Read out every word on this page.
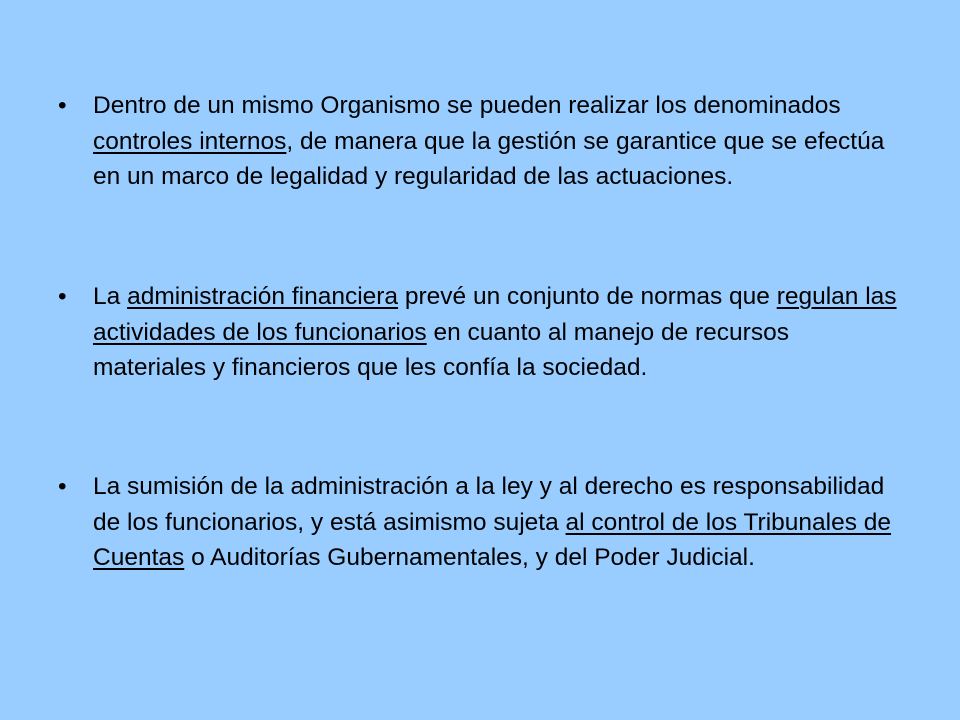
•	Dentro de un mismo Organismo se pueden realizar los denominados controles internos, de manera que la gestión se garantice que se efectúa en un marco de legalidad y regularidad de las actuaciones.
•	La administración financiera prevé un conjunto de normas que regulan las actividades de los funcionarios en cuanto al manejo de recursos materiales y financieros que les confía la sociedad.
•	La sumisión de la administración a la ley y al derecho es responsabilidad de los funcionarios, y está asimismo sujeta al control de los Tribunales de Cuentas o Auditorías Gubernamentales, y del Poder Judicial.
